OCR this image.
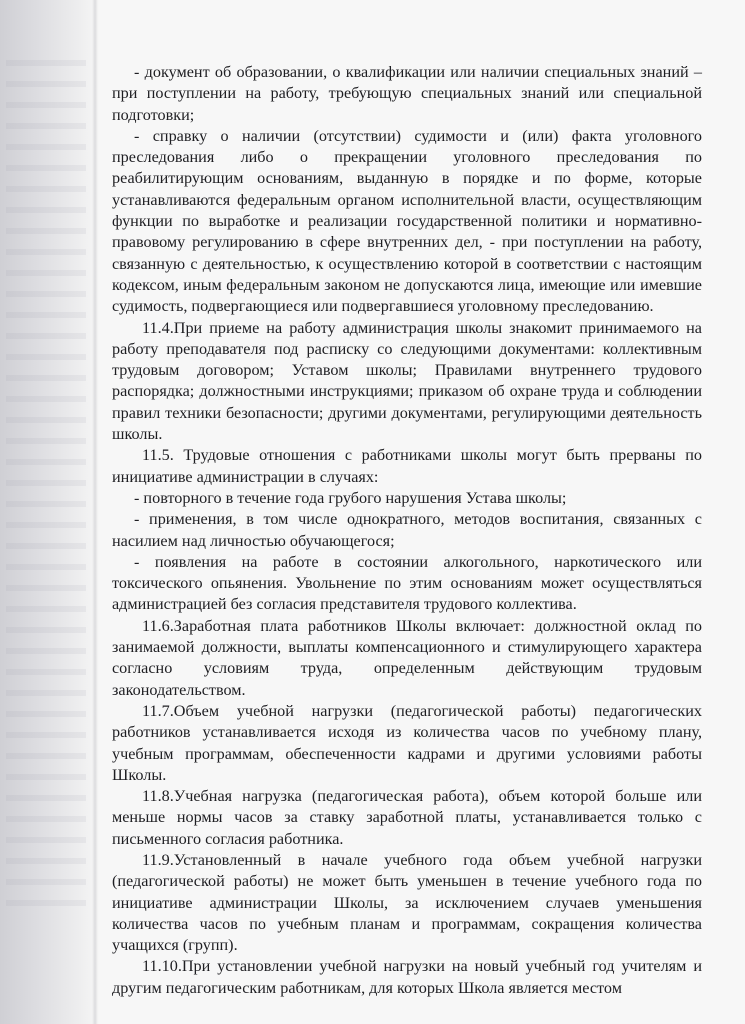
- документ об образовании, о квалификации или наличии специальных знаний – при поступлении на работу, требующую специальных знаний или специальной подготовки;

- справку о наличии (отсутствии) судимости и (или) факта уголовного преследования либо о прекращении уголовного преследования по реабилитирующим основаниям, выданную в порядке и по форме, которые устанавливаются федеральным органом исполнительной власти, осуществляющим функции по выработке и реализации государственной политики и нормативно-правовому регулированию в сфере внутренних дел, - при поступлении на работу, связанную с деятельностью, к осуществлению которой в соответствии с настоящим кодексом, иным федеральным законом не допускаются лица, имеющие или имевшие судимость, подвергающиеся или подвергавшиеся уголовному преследованию.

11.4.При приеме на работу администрация школы знакомит принимаемого на работу преподавателя под расписку со следующими документами: коллективным трудовым договором; Уставом школы; Правилами внутреннего трудового распорядка; должностными инструкциями; приказом об охране труда и соблюдении правил техники безопасности; другими документами, регулирующими деятельность школы.

11.5. Трудовые отношения с работниками школы могут быть прерваны по инициативе администрации в случаях:

- повторного в течение года грубого нарушения Устава школы;

- применения, в том числе однократного, методов воспитания, связанных с насилием над личностью обучающегося;

- появления на работе в состоянии алкогольного, наркотического или токсического опьянения. Увольнение по этим основаниям может осуществляться администрацией без согласия представителя трудового коллектива.

11.6.Заработная плата работников Школы включает: должностной оклад по занимаемой должности, выплаты компенсационного и стимулирующего характера согласно условиям труда, определенным действующим трудовым законодательством.

11.7.Объем учебной нагрузки (педагогической работы) педагогических работников устанавливается исходя из количества часов по учебному плану, учебным программам, обеспеченности кадрами и другими условиями работы Школы.

11.8.Учебная нагрузка (педагогическая работа), объем которой больше или меньше нормы часов за ставку заработной платы, устанавливается только с письменного согласия работника.

11.9.Установленный в начале учебного года объем учебной нагрузки (педагогической работы) не может быть уменьшен в течение учебного года по инициативе администрации Школы, за исключением случаев уменьшения количества часов по учебным планам и программам, сокращения количества учащихся (групп).

11.10.При установлении учебной нагрузки на новый учебный год учителям и другим педагогическим работникам, для которых Школа является местом
